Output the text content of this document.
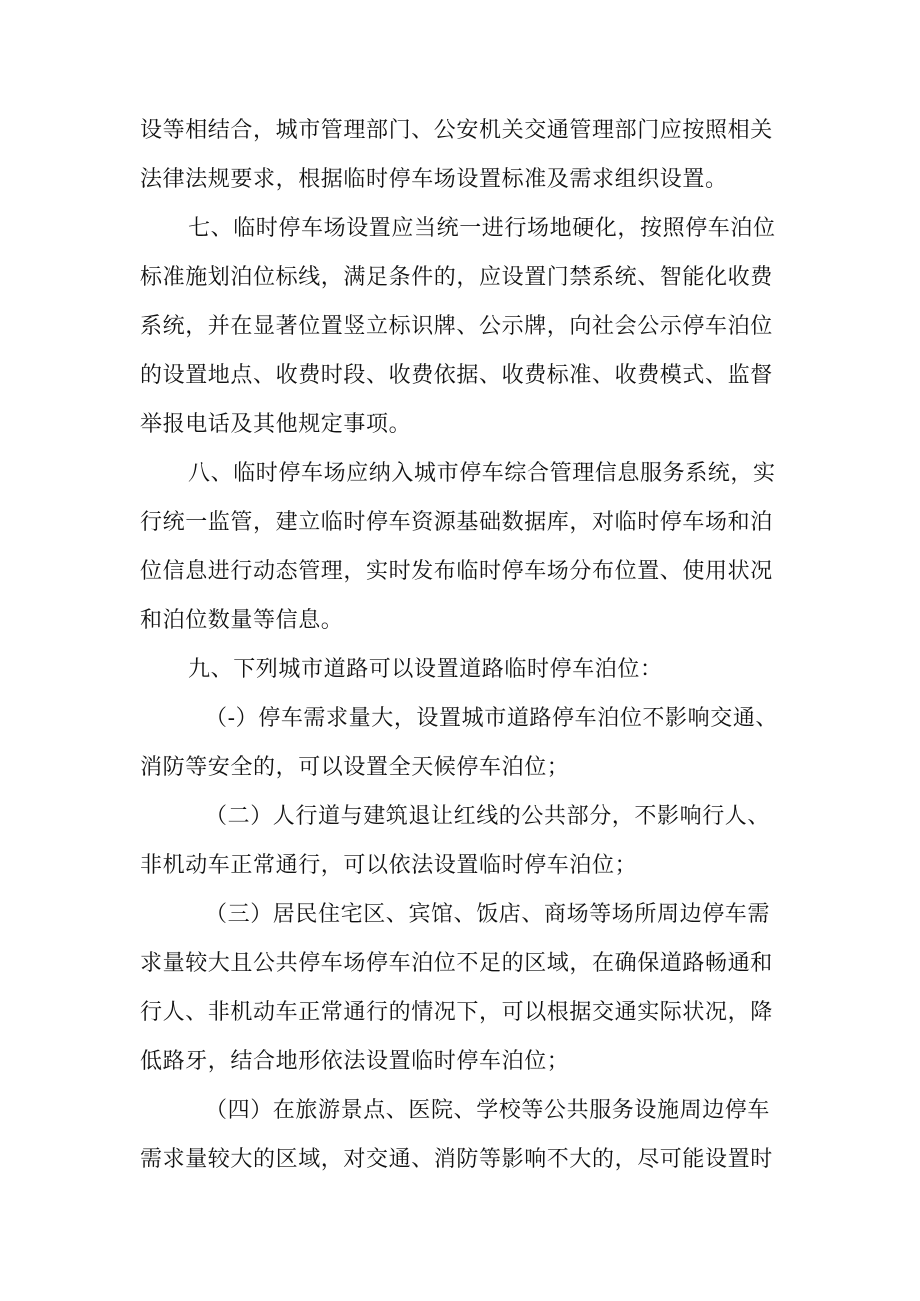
设等相结合，城市管理部门、公安机关交通管理部门应按照相关
法律法规要求，根据临时停车场设置标准及需求组织设置。
七、临时停车场设置应当统一进行场地硬化，按照停车泊位
标准施划泊位标线，满足条件的，应设置门禁系统、智能化收费
系统，并在显著位置竖立标识牌、公示牌，向社会公示停车泊位
的设置地点、收费时段、收费依据、收费标准、收费模式、监督
举报电话及其他规定事项。
八、临时停车场应纳入城市停车综合管理信息服务系统，实
行统一监管，建立临时停车资源基础数据库，对临时停车场和泊
位信息进行动态管理，实时发布临时停车场分布位置、使用状况
和泊位数量等信息。
九、下列城市道路可以设置道路临时停车泊位：
（-）停车需求量大，设置城市道路停车泊位不影响交通、
消防等安全的，可以设置全天候停车泊位；
（二）人行道与建筑退让红线的公共部分，不影响行人、
非机动车正常通行，可以依法设置临时停车泊位；
（三）居民住宅区、宾馆、饭店、商场等场所周边停车需
求量较大且公共停车场停车泊位不足的区域，在确保道路畅通和
行人、非机动车正常通行的情况下，可以根据交通实际状况，降
低路牙，结合地形依法设置临时停车泊位；
（四）在旅游景点、医院、学校等公共服务设施周边停车
需求量较大的区域，对交通、消防等影响不大的，尽可能设置时
